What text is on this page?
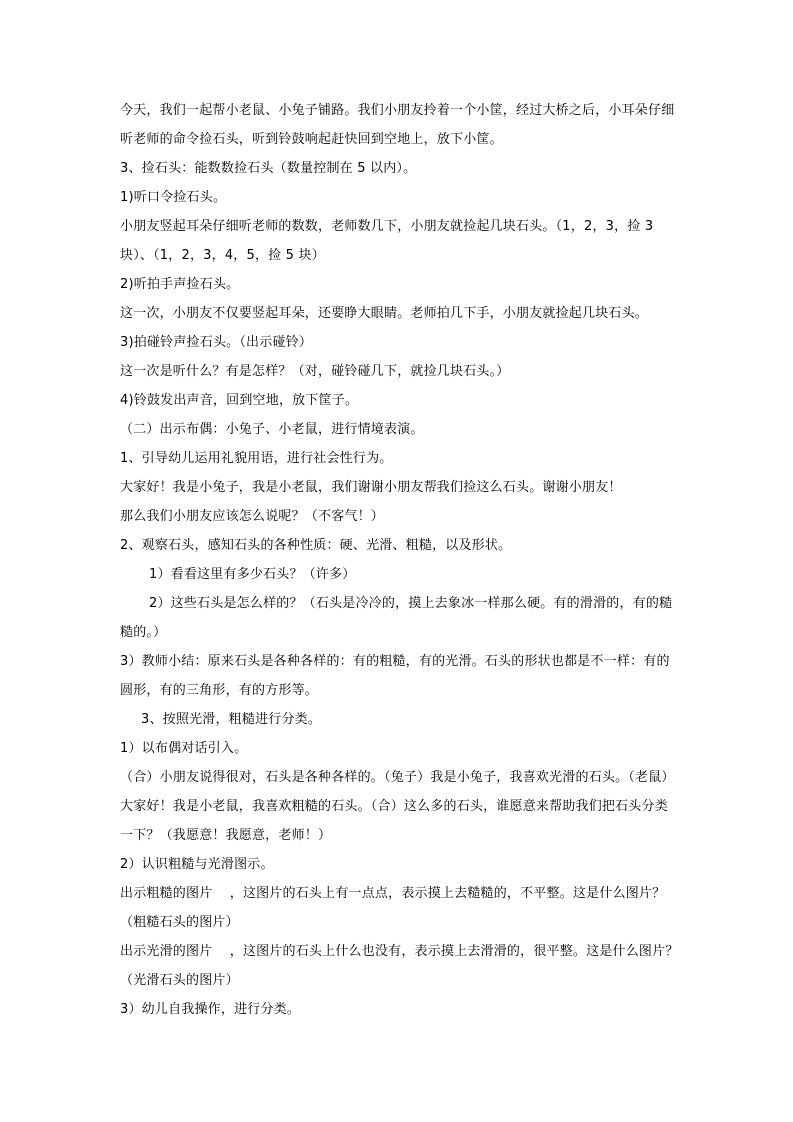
今天，我们一起帮小老鼠、小兔子铺路。我们小朋友拎着一个小筐，经过大桥之后，小耳朵仔细
听老师的命令捡石头，听到铃鼓响起赶快回到空地上，放下小筐。
3、捡石头：能数数捡石头（数量控制在 5 以内）。
1)听口令捡石头。
小朋友竖起耳朵仔细听老师的数数，老师数几下，小朋友就捡起几块石头。（1，2，3，捡 3
块）、（1，2，3，4，5，捡 5 块）
2)听拍手声捡石头。
这一次，小朋友不仅要竖起耳朵，还要睁大眼睛。老师拍几下手，小朋友就捡起几块石头。
3)拍碰铃声捡石头。（出示碰铃）
这一次是听什么？有是怎样？（对，碰铃碰几下，就捡几块石头。）
4)铃鼓发出声音，回到空地，放下筐子。
（二）出示布偶：小兔子、小老鼠，进行情境表演。
1、引导幼儿运用礼貌用语，进行社会性行为。
大家好！我是小兔子，我是小老鼠，我们谢谢小朋友帮我们捡这么石头。谢谢小朋友！
那么我们小朋友应该怎么说呢？（不客气！）
2、观察石头，感知石头的各种性质：硬、光滑、粗糙，以及形状。
1）看看这里有多少石头？（许多）
2）这些石头是怎么样的？（石头是冷冷的，摸上去象冰一样那么硬。有的滑滑的，有的糙
糙的。）
3）教师小结：原来石头是各种各样的：有的粗糙，有的光滑。石头的形状也都是不一样：有的
圆形，有的三角形，有的方形等。
3、按照光滑，粗糙进行分类。
1）以布偶对话引入。
（合）小朋友说得很对，石头是各种各样的。（兔子）我是小兔子，我喜欢光滑的石头。（老鼠）
大家好！我是小老鼠，我喜欢粗糙的石头。（合）这么多的石头，谁愿意来帮助我们把石头分类
一下？（我愿意！我愿意，老师！）
2）认识粗糙与光滑图示。
出示粗糙的图片    ，这图片的石头上有一点点，表示摸上去糙糙的，不平整。这是什么图片？
（粗糙石头的图片）
出示光滑的图片    ，这图片的石头上什么也没有，表示摸上去滑滑的，很平整。这是什么图片？
（光滑石头的图片）
3）幼儿自我操作，进行分类。
